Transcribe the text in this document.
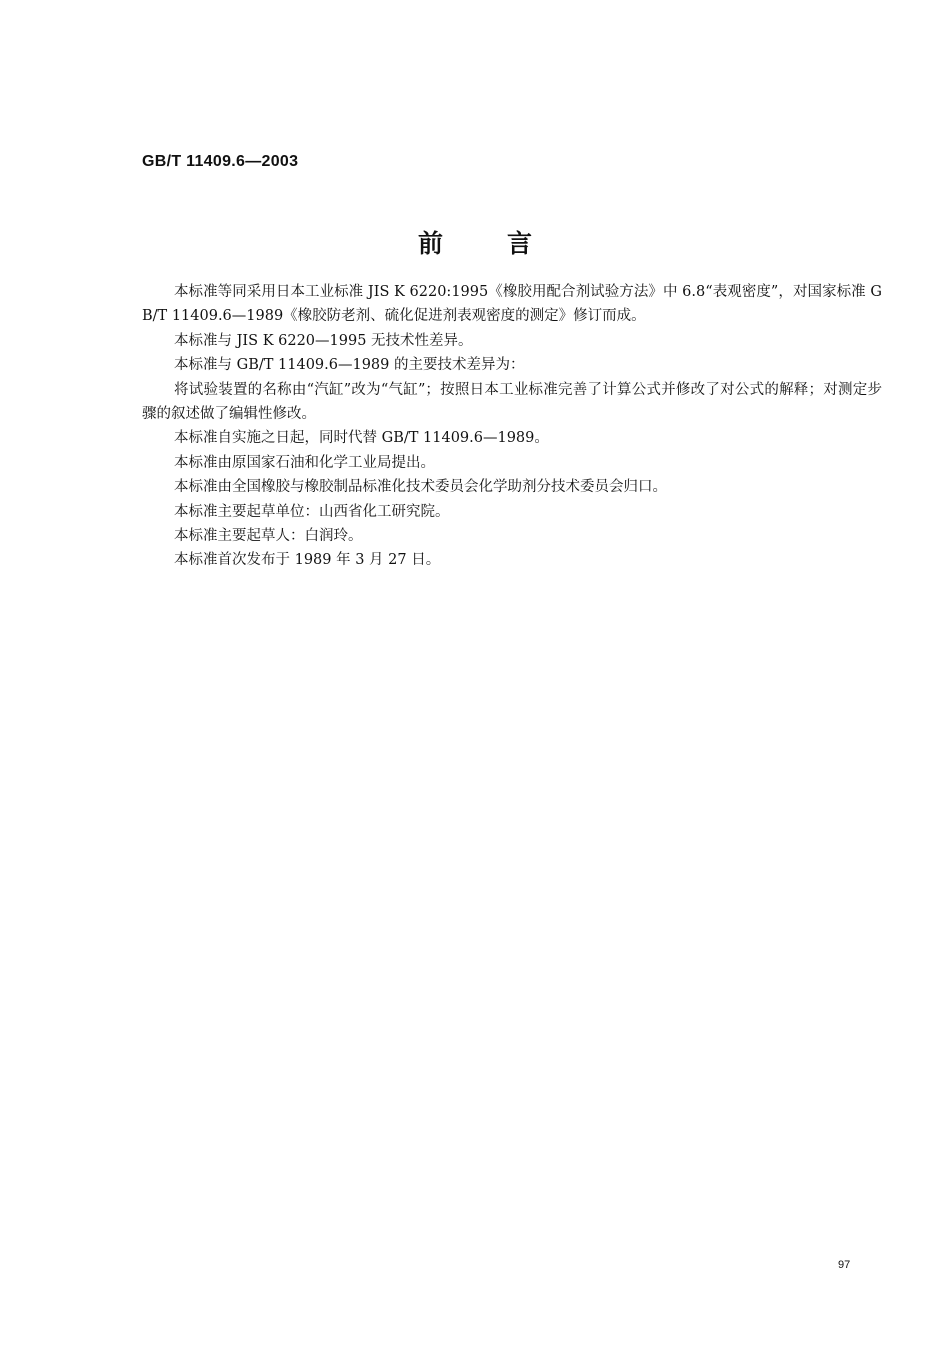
GB/T 11409.6—2003
前	言

本标准等同采用日本工业标准 JIS K 6220:1995《橡胶用配合剂试验方法》中 6.8“表观密度”，对国家标准 GB/T 11409.6—1989《橡胶防老剂、硫化促进剂表观密度的测定》修订而成。

本标准与 JIS K 6220—1995 无技术性差异。

本标准与 GB/T 11409.6—1989 的主要技术差异为：

将试验装置的名称由“汽缸”改为“气缸”；按照日本工业标准完善了计算公式并修改了对公式的解释；对测定步骤的叙述做了编辑性修改。

本标准自实施之日起，同时代替 GB/T 11409.6—1989。

本标准由原国家石油和化学工业局提出。

本标准由全国橡胶与橡胶制品标准化技术委员会化学助剂分技术委员会归口。

本标准主要起草单位：山西省化工研究院。

本标准主要起草人：白润玲。

本标准首次发布于 1989 年 3 月 27 日。

97
